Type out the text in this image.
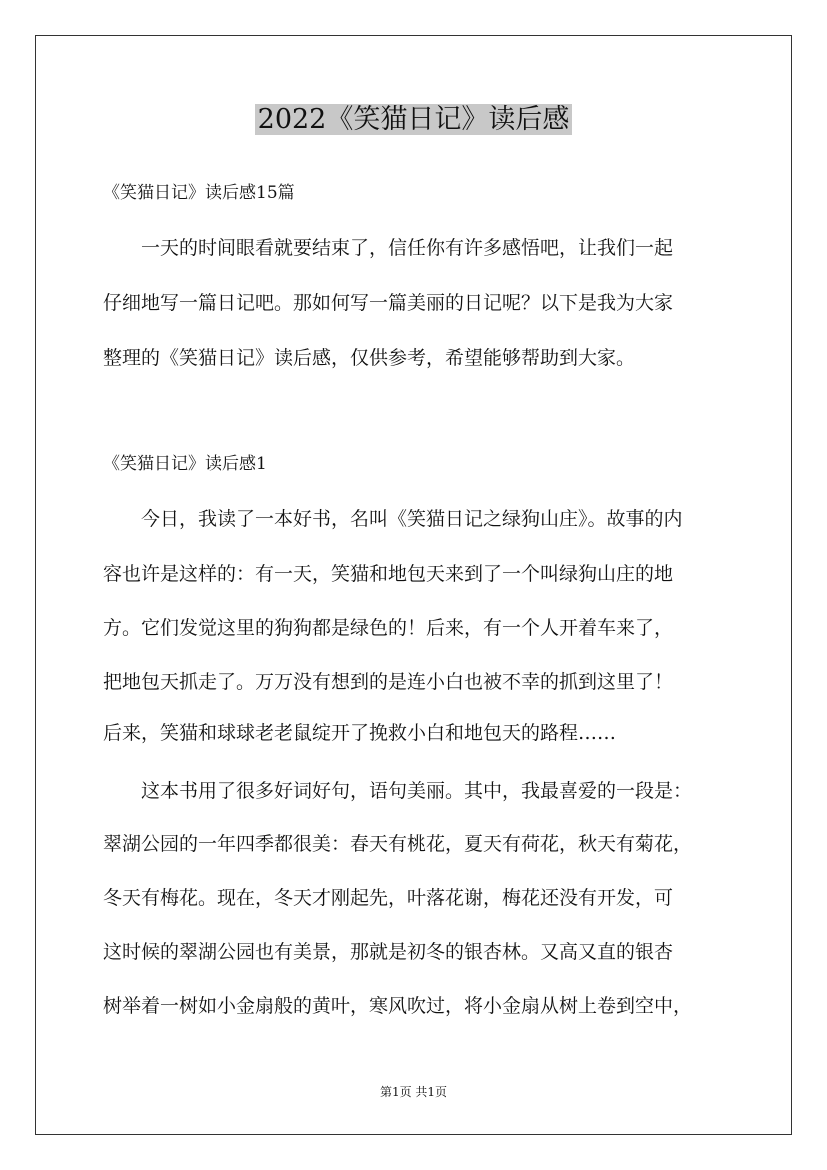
2022《笑猫日记》读后感
《笑猫日记》读后感15篇
一天的时间眼看就要结束了，信任你有许多感悟吧，让我们一起
仔细地写一篇日记吧。那如何写一篇美丽的日记呢？以下是我为大家
整理的《笑猫日记》读后感，仅供参考，希望能够帮助到大家。
《笑猫日记》读后感1
今日，我读了一本好书，名叫《笑猫日记之绿狗山庄》。故事的内
容也许是这样的：有一天，笑猫和地包天来到了一个叫绿狗山庄的地
方。它们发觉这里的狗狗都是绿色的！后来，有一个人开着车来了，
把地包天抓走了。万万没有想到的是连小白也被不幸的抓到这里了！
后来，笑猫和球球老老鼠绽开了挽救小白和地包天的路程……
这本书用了很多好词好句，语句美丽。其中，我最喜爱的一段是：
翠湖公园的一年四季都很美：春天有桃花，夏天有荷花，秋天有菊花，
冬天有梅花。现在，冬天才刚起先，叶落花谢，梅花还没有开发，可
这时候的翠湖公园也有美景，那就是初冬的银杏林。又高又直的银杏
树举着一树如小金扇般的黄叶，寒风吹过，将小金扇从树上卷到空中，
第1页 共1页
